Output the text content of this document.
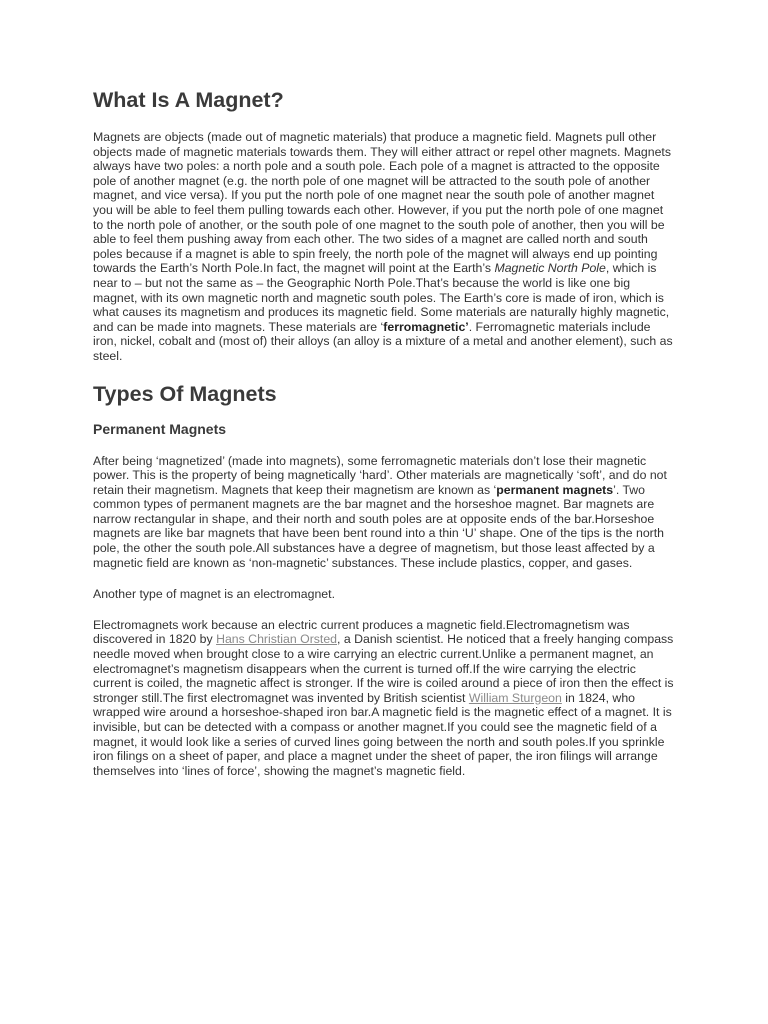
What Is A Magnet?

Magnets are objects (made out of magnetic materials) that produce a magnetic field. Magnets pull other objects made of magnetic materials towards them. They will either attract or repel other magnets. Magnets always have two poles: a north pole and a south pole. Each pole of a magnet is attracted to the opposite pole of another magnet (e.g. the north pole of one magnet will be attracted to the south pole of another magnet, and vice versa). If you put the north pole of one magnet near the south pole of another magnet you will be able to feel them pulling towards each other. However, if you put the north pole of one magnet to the north pole of another, or the south pole of one magnet to the south pole of another, then you will be able to feel them pushing away from each other. The two sides of a magnet are called north and south poles because if a magnet is able to spin freely, the north pole of the magnet will always end up pointing towards the Earth’s North Pole.In fact, the magnet will point at the Earth’s Magnetic North Pole, which is near to – but not the same as – the Geographic North Pole.That’s because the world is like one big magnet, with its own magnetic north and magnetic south poles. The Earth’s core is made of iron, which is what causes its magnetism and produces its magnetic field. Some materials are naturally highly magnetic, and can be made into magnets. These materials are ‘ferromagnetic’. Ferromagnetic materials include iron, nickel, cobalt and (most of) their alloys (an alloy is a mixture of a metal and another element), such as steel.

Types Of Magnets
Permanent Magnets

After being ‘magnetized’ (made into magnets), some ferromagnetic materials don’t lose their magnetic power. This is the property of being magnetically ‘hard’. Other materials are magnetically ‘soft’, and do not retain their magnetism. Magnets that keep their magnetism are known as ‘permanent magnets’. Two common types of permanent magnets are the bar magnet and the horseshoe magnet. Bar magnets are narrow rectangular in shape, and their north and south poles are at opposite ends of the bar.Horseshoe magnets are like bar magnets that have been bent round into a thin ‘U’ shape. One of the tips is the north pole, the other the south pole.All substances have a degree of magnetism, but those least affected by a magnetic field are known as ‘non-magnetic’ substances. These include plastics, copper, and gases.

Another type of magnet is an electromagnet.

Electromagnets work because an electric current produces a magnetic field.Electromagnetism was discovered in 1820 by Hans Christian Orsted, a Danish scientist. He noticed that a freely hanging compass needle moved when brought close to a wire carrying an electric current.Unlike a permanent magnet, an electromagnet’s magnetism disappears when the current is turned off.If the wire carrying the electric current is coiled, the magnetic affect is stronger. If the wire is coiled around a piece of iron then the effect is stronger still.The first electromagnet was invented by British scientist William Sturgeon in 1824, who wrapped wire around a horseshoe-shaped iron bar.A magnetic field is the magnetic effect of a magnet. It is invisible, but can be detected with a compass or another magnet.If you could see the magnetic field of a magnet, it would look like a series of curved lines going between the north and south poles.If you sprinkle iron filings on a sheet of paper, and place a magnet under the sheet of paper, the iron filings will arrange themselves into ‘lines of force’, showing the magnet’s magnetic field.
